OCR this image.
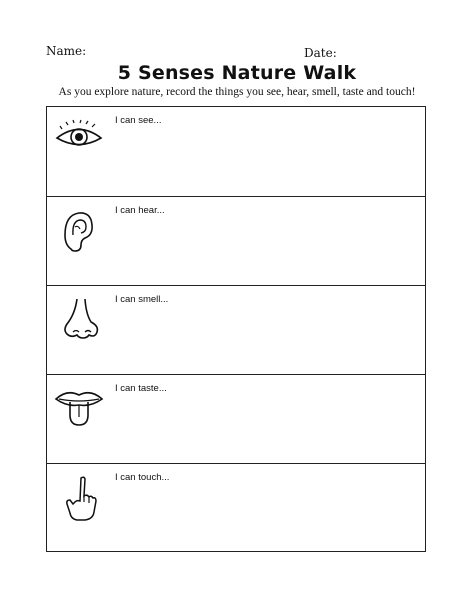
Name:	Date:
5 Senses Nature Walk
As you explore nature, record the things you see, hear, smell, taste and touch!
I can see...
I can hear...
I can smell...
I can taste...
I can touch...
